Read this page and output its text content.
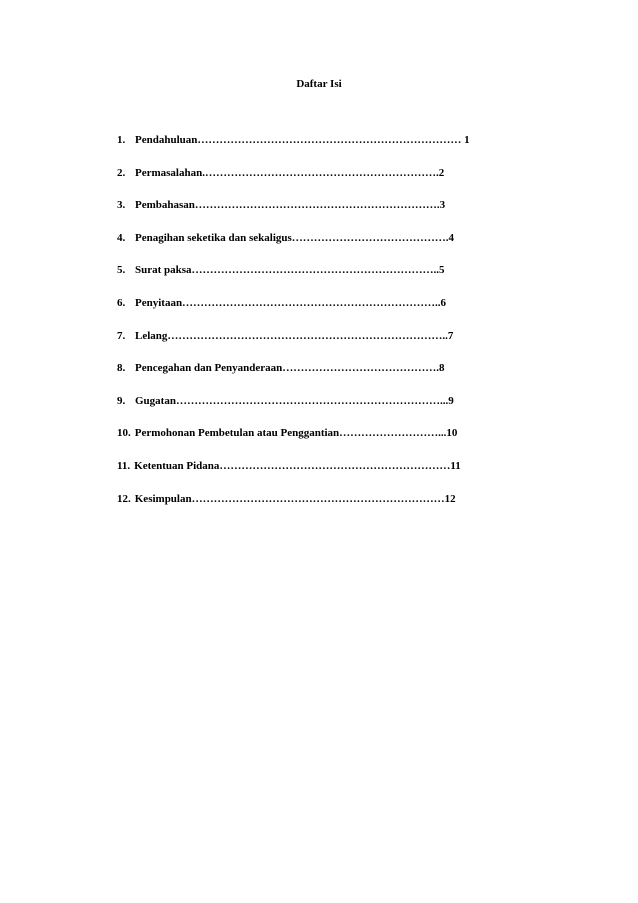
Daftar Isi
1. Pendahuluan……………………………………………………………… 1
2. Permasalahan.……………………………………………………….2
3. Pembahasan………………………………………………………….3
4. Penagihan seketika dan sekaligus…………………………………….4
5. Surat paksa…………………………………………………………..5
6. Penyitaan……………………………………………………………..6
7. Lelang…………………………………………………………………..7
8. Pencegahan dan Penyanderaan…………………………………….8
9. Gugatan………………………………………………………………...9
10. Permohonan Pembetulan atau Penggantian………………………...10
11. Ketentuan Pidana………………………………………………………11
12. Kesimpulan……………………………………………………………12
